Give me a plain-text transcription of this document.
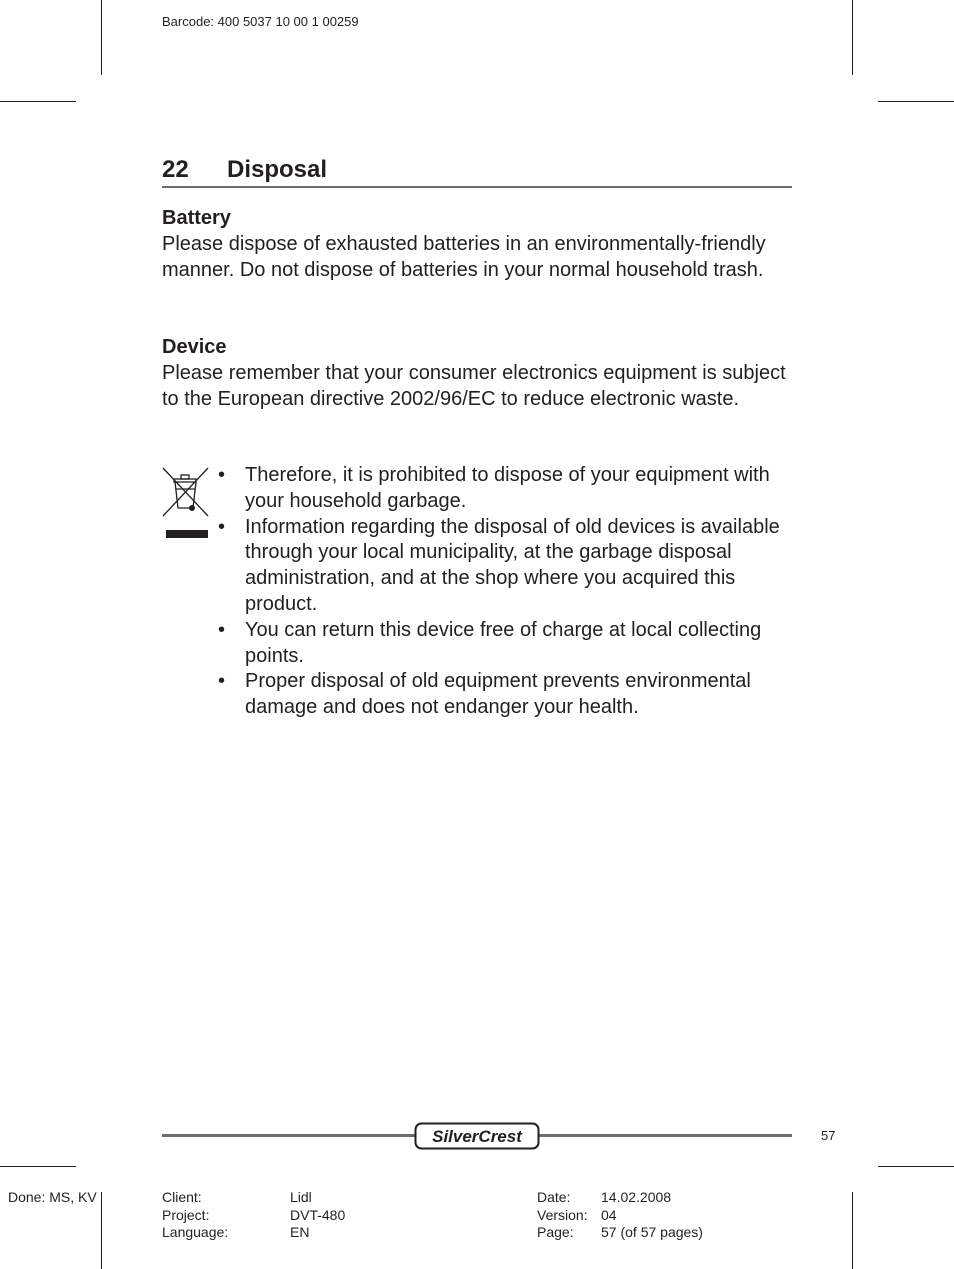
Barcode: 400 5037 10 00 1 00259
22 Disposal
Battery

Please dispose of exhausted batteries in an environmentally-friendly manner. Do not dispose of batteries in your normal household trash.

Device

Please remember that your consumer electronics equipment is subject to the European directive 2002/96/EC to reduce electronic waste.

• Therefore, it is prohibited to dispose of your equipment with your household garbage.
• Information regarding the disposal of old devices is available through your local municipality, at the garbage disposal administration, and at the shop where you acquired this product.
• You can return this device free of charge at local collecting points.
• Proper disposal of old equipment prevents environmental damage and does not endanger your health.
SilverCrest	57
Done: MS, KV	Client:
Project:
Language:
Lidl
DVT-480
EN
Date:
Version:
Page:
14.02.2008
04
57 (of 57 pages)
